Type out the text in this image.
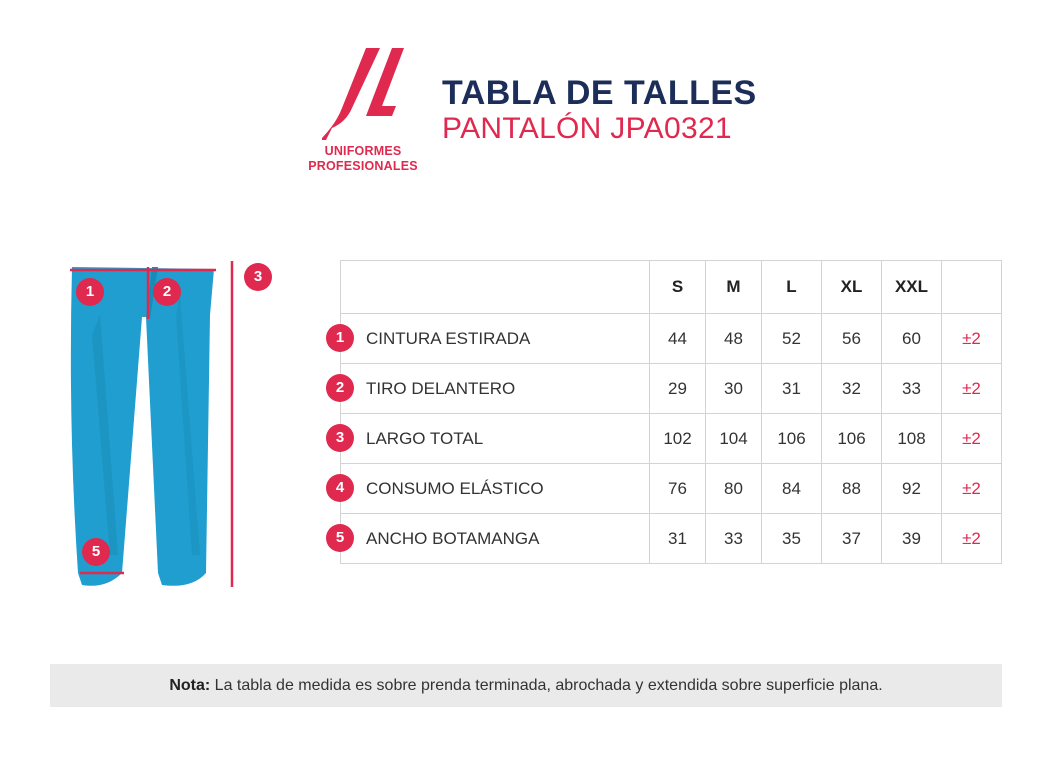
UNIFORMES
PROFESIONALES
TABLA DE TALLES
PANTALÓN JPA0321
1	2
3
5
	S	M	L	XL	XXL	

1 CINTURA ESTIRADA	44	48	52	56	60	±2

2 TIRO DELANTERO	29	30	31	32	33	±2

3 LARGO TOTAL	102	104	106	106	108	±2

4 CONSUMO ELÁSTICO	76	80	84	88	92	±2

5 ANCHO BOTAMANGA	31	33	35	37	39	±2
Nota: La tabla de medida es sobre prenda terminada, abrochada y extendida sobre superficie plana.
